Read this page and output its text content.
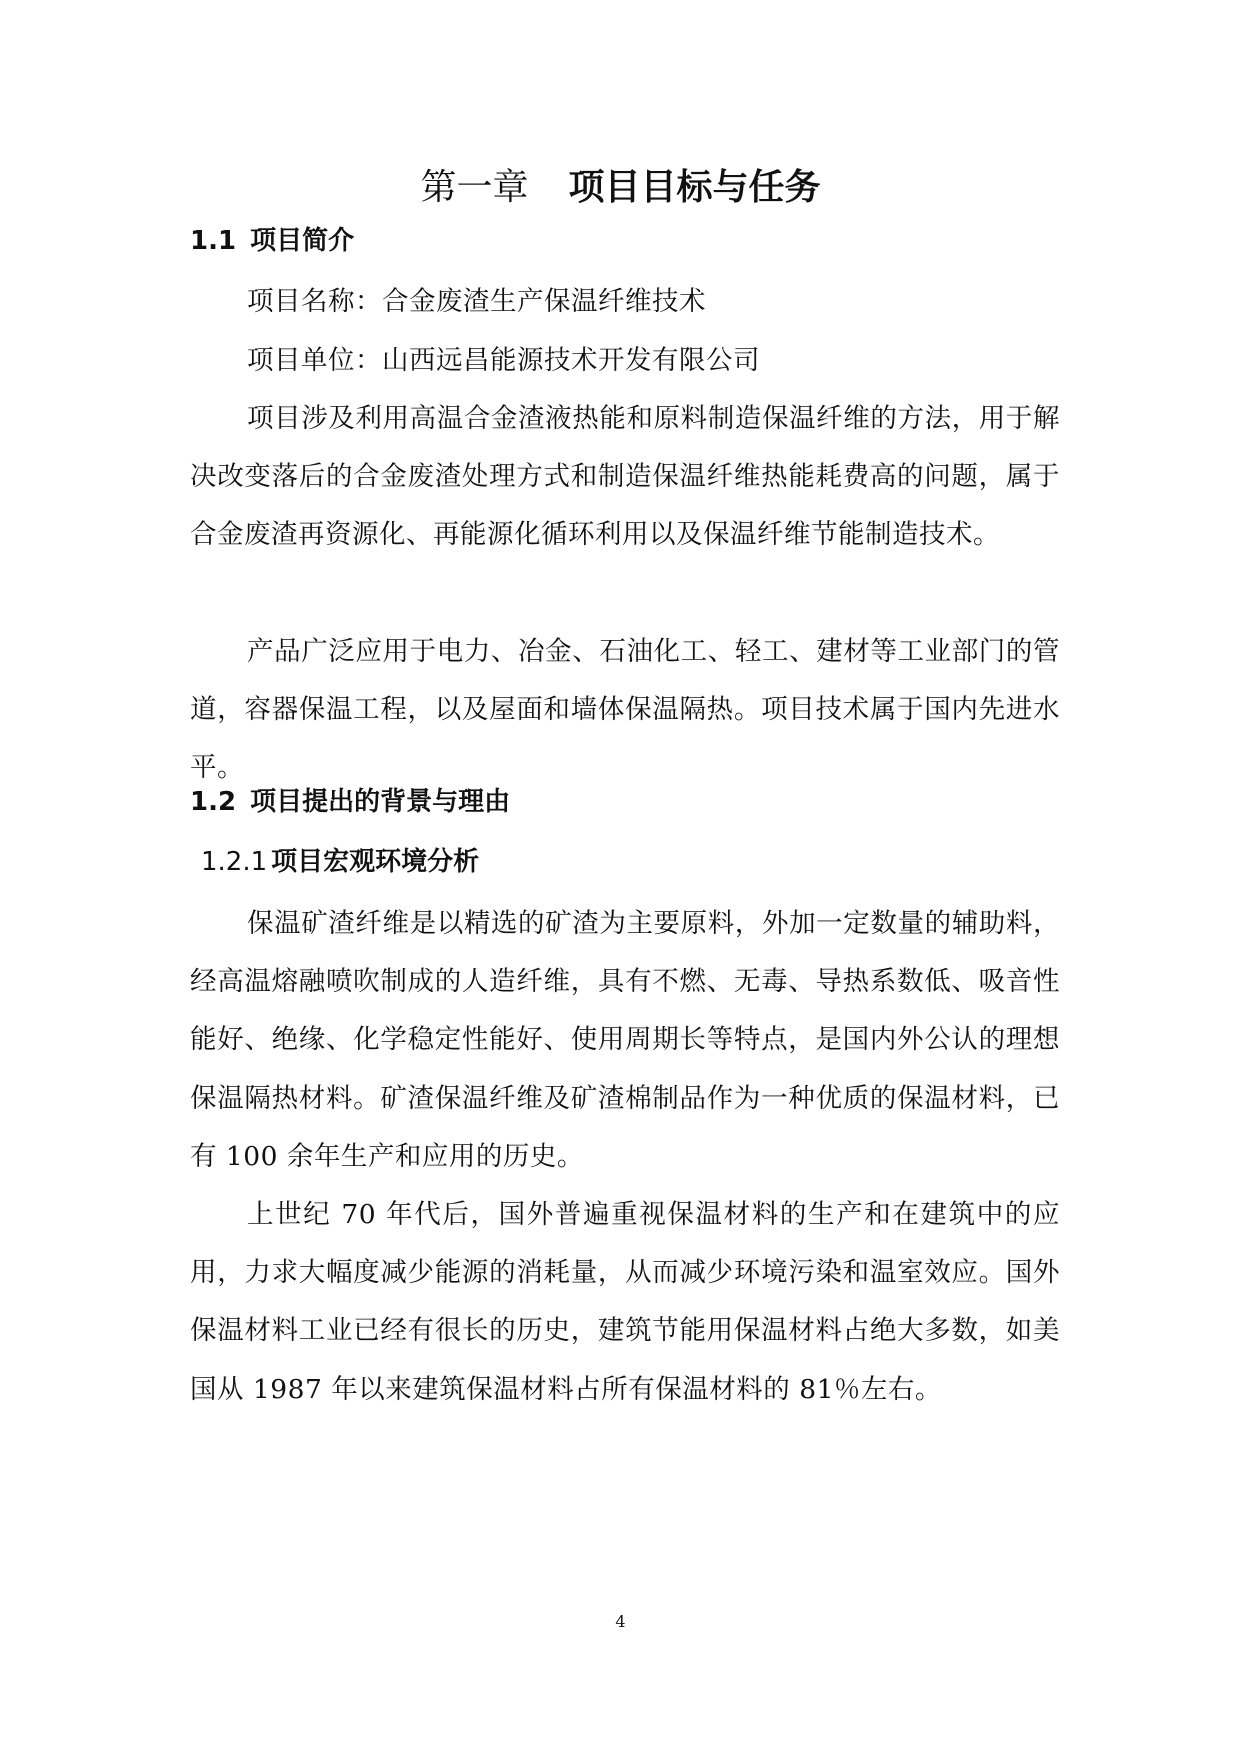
第一章 项目目标与任务
1.1 项目简介

项目名称：合金废渣生产保温纤维技术

项目单位：山西远昌能源技术开发有限公司

项目涉及利用高温合金渣液热能和原料制造保温纤维的方法，用于解决改变落后的合金废渣处理方式和制造保温纤维热能耗费高的问题，属于合金废渣再资源化、再能源化循环利用以及保温纤维节能制造技术。

产品广泛应用于电力、冶金、石油化工、轻工、建材等工业部门的管道，容器保温工程，以及屋面和墙体保温隔热。项目技术属于国内先进水平。

1.2 项目提出的背景与理由
1.2.1 项目宏观环境分析

保温矿渣纤维是以精选的矿渣为主要原料，外加一定数量的辅助料，经高温熔融喷吹制成的人造纤维，具有不燃、无毒、导热系数低、吸音性能好、绝缘、化学稳定性能好、使用周期长等特点，是国内外公认的理想保温隔热材料。矿渣保温纤维及矿渣棉制品作为一种优质的保温材料，已有 100 余年生产和应用的历史。

上世纪 70 年代后，国外普遍重视保温材料的生产和在建筑中的应用，力求大幅度减少能源的消耗量，从而减少环境污染和温室效应。国外保温材料工业已经有很长的历史，建筑节能用保温材料占绝大多数，如美国从 1987 年以来建筑保温材料占所有保温材料的 81％左右。

4
